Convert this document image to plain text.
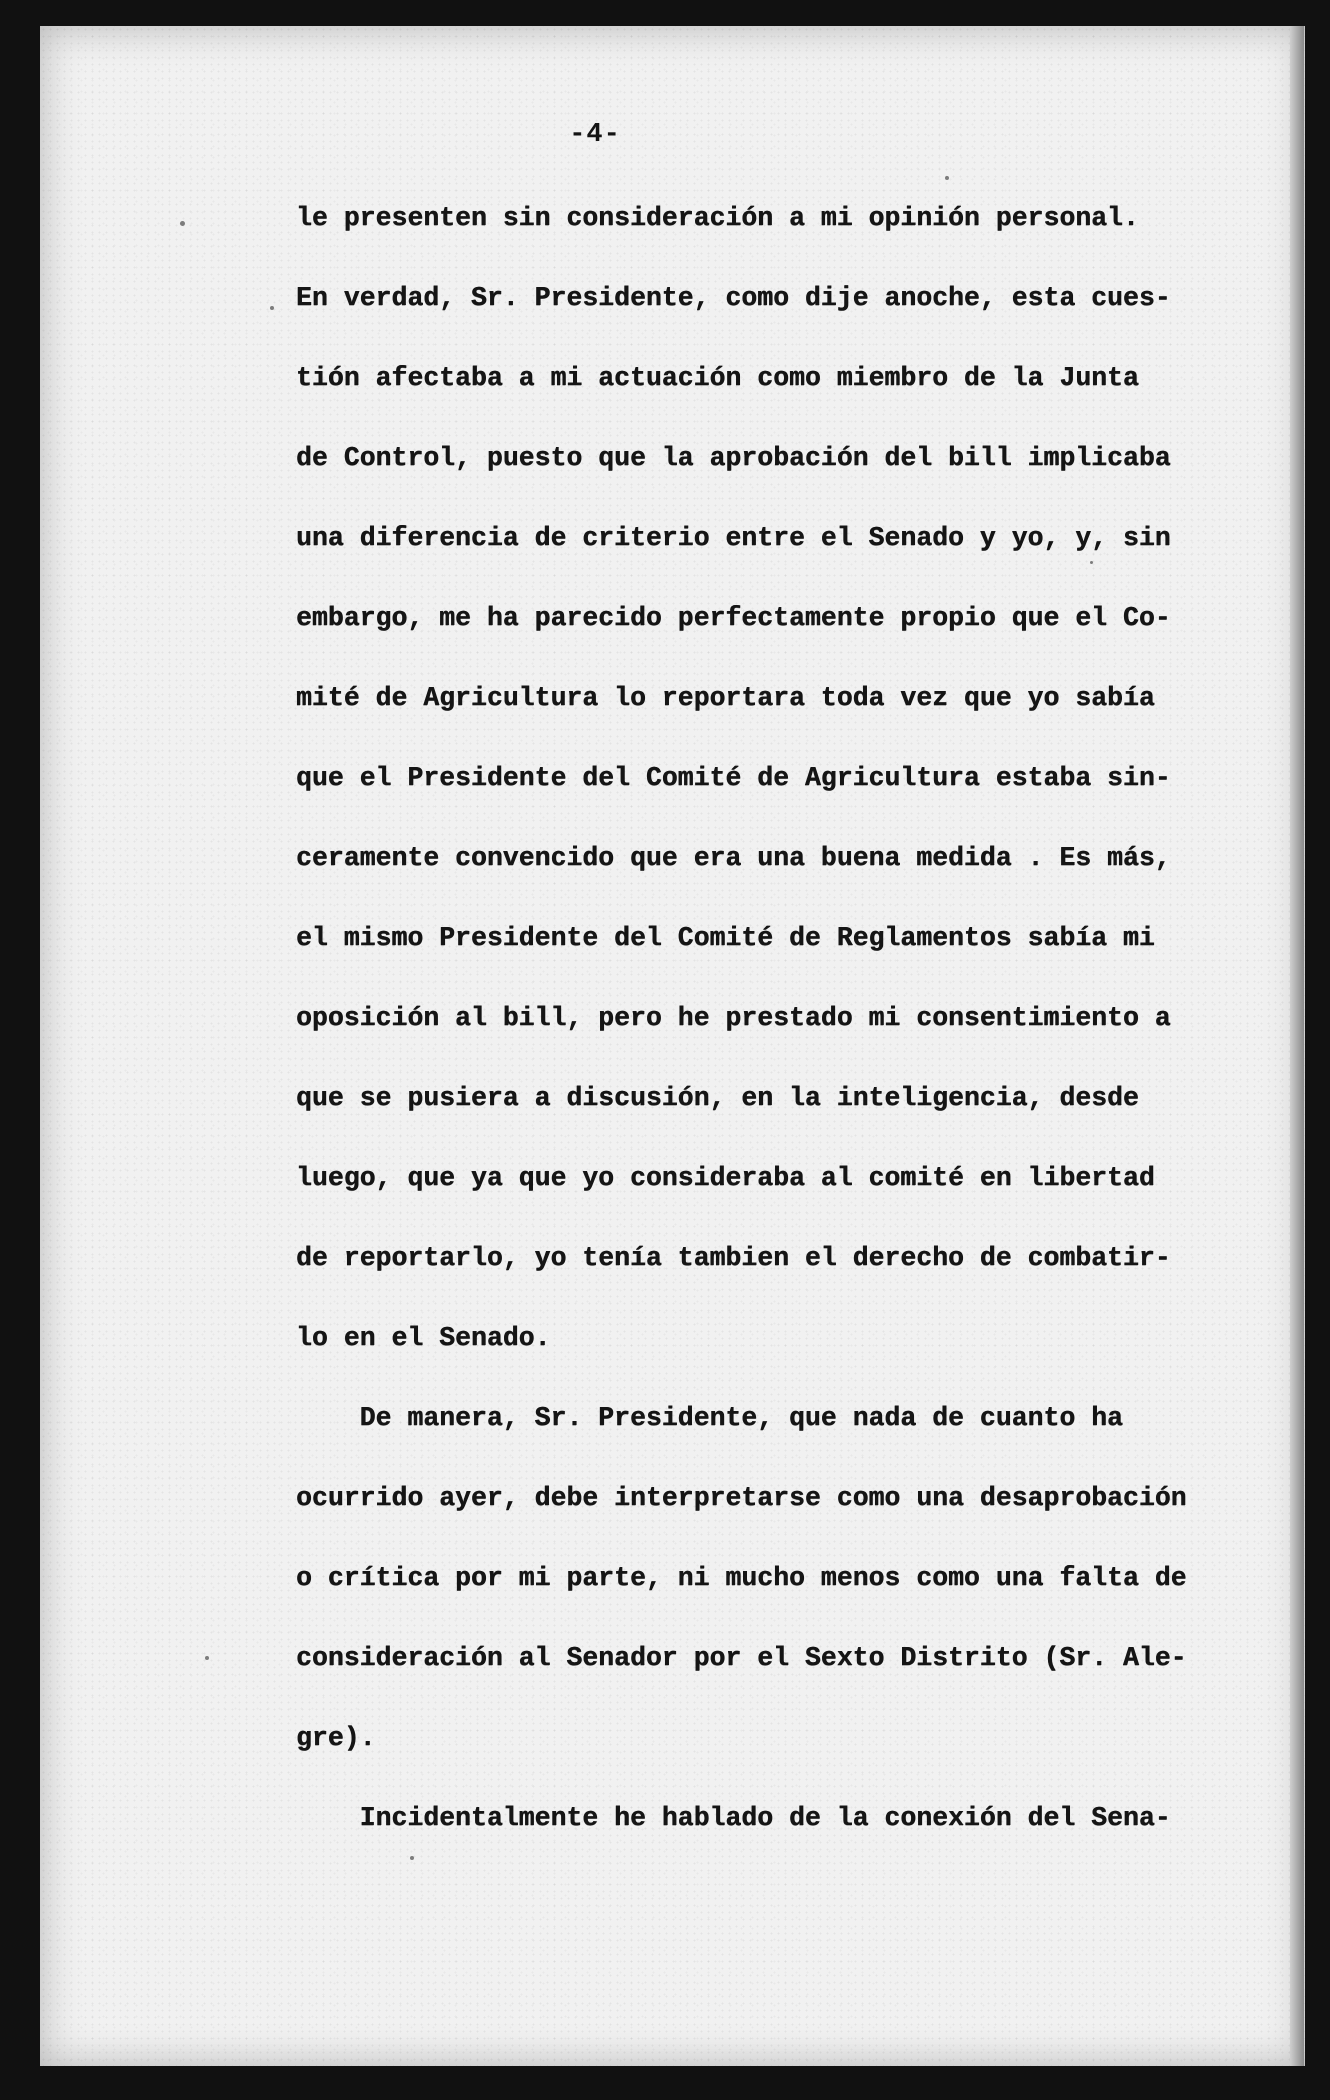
-4-
le presenten sin consideración a mi opinión personal.
En verdad, Sr. Presidente, como dije anoche, esta cues-
tión afectaba a mi actuación como miembro de la Junta
de Control, puesto que la aprobación del bill implicaba
una diferencia de criterio entre el Senado y yo, y, sin
embargo, me ha parecido perfectamente propio que el Co-
mité de Agricultura lo reportara toda vez que yo sabía
que el Presidente del Comité de Agricultura estaba sin-
ceramente convencido que era una buena medida . Es más,
el mismo Presidente del Comité de Reglamentos sabía mi
oposición al bill, pero he prestado mi consentimiento a
que se pusiera a discusión, en la inteligencia, desde
luego, que ya que yo consideraba al comité en libertad
de reportarlo, yo tenía tambien el derecho de combatir-
lo en el Senado.
De manera, Sr. Presidente, que nada de cuanto ha
ocurrido ayer, debe interpretarse como una desaprobación
o crítica por mi parte, ni mucho menos como una falta de
consideración al Senador por el Sexto Distrito (Sr. Ale-
gre).
Incidentalmente he hablado de la conexión del Sena-
